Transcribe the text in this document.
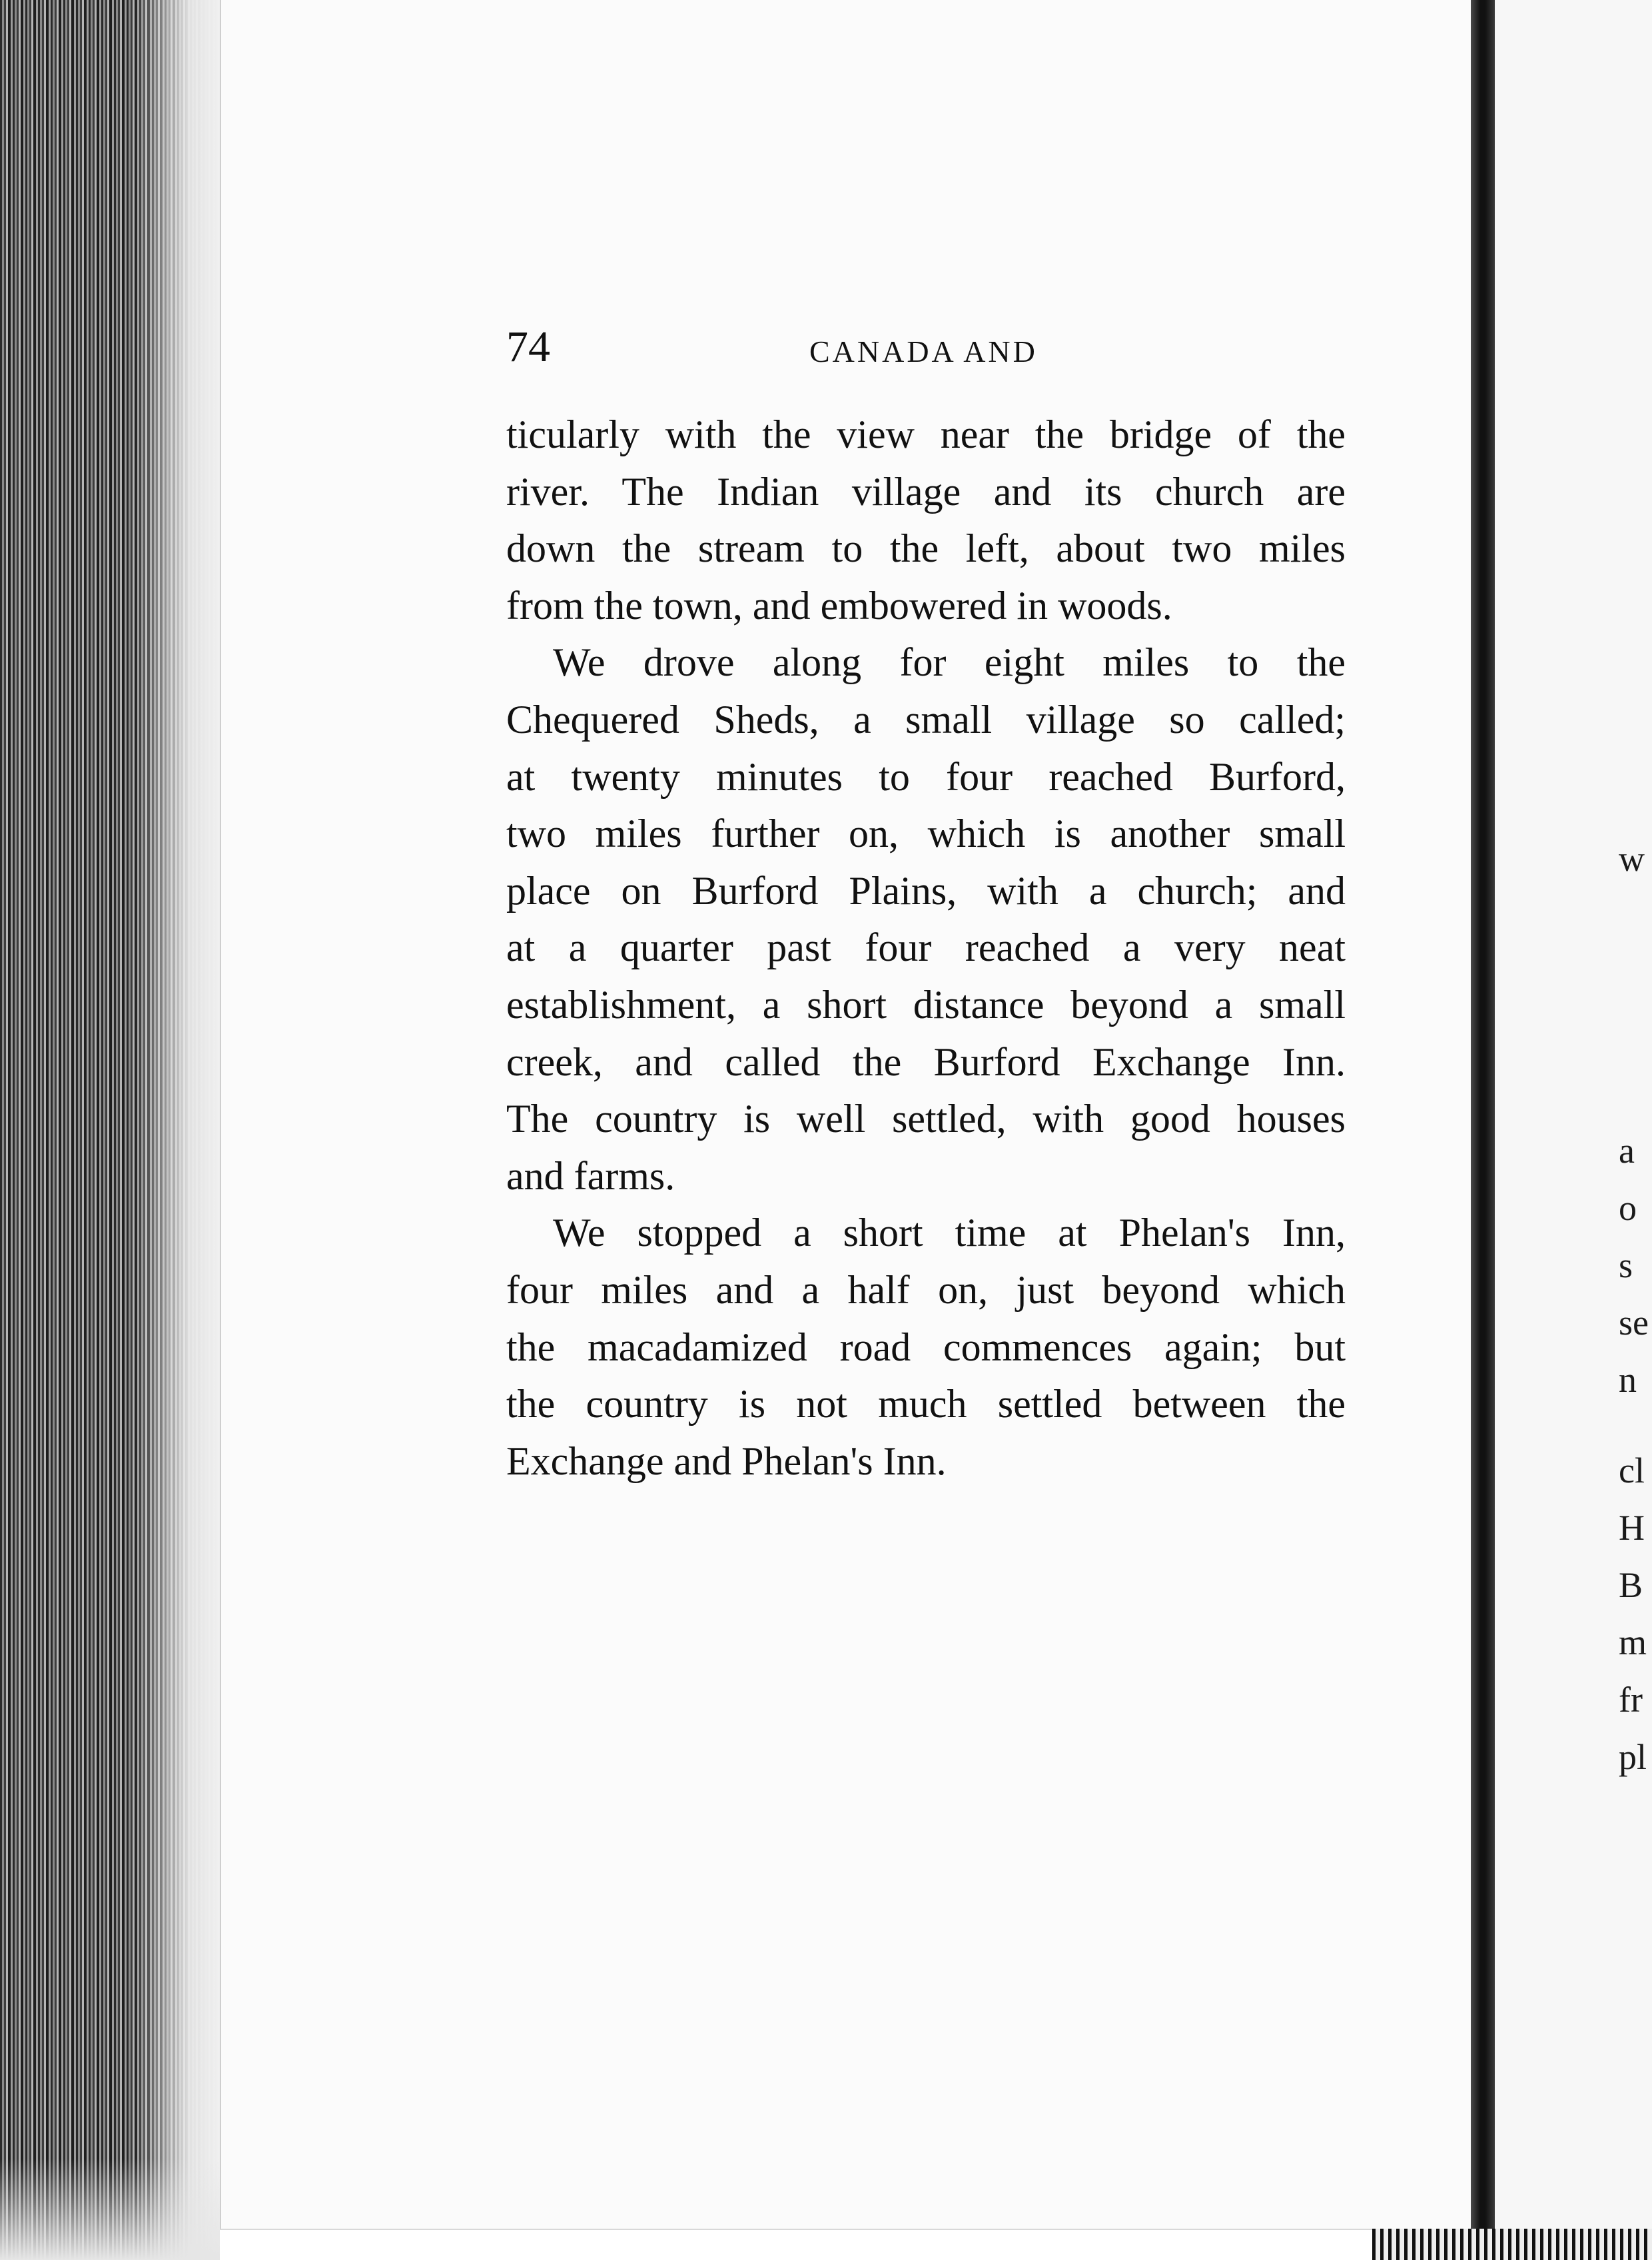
74	CANADA AND
ticularly with the view near the bridge of the
river. The Indian village and its church are
down the stream to the left, about two miles
from the town, and embowered in woods.
We drove along for eight miles to the
Chequered Sheds, a small village so called;
at twenty minutes to four reached Burford,
two miles further on, which is another small
place on Burford Plains, with a church; and
at a quarter past four reached a very neat
establishment, a short distance beyond a small
creek, and called the Burford Exchange Inn.
The country is well settled, with good houses
and farms.
We stopped a short time at Phelan's Inn,
four miles and a half on, just beyond which
the macadamized road commences again; but
the country is not much settled between the
Exchange and Phelan's Inn.
w
a
o
s
se
n
cl
H
B
m
fr
pl
